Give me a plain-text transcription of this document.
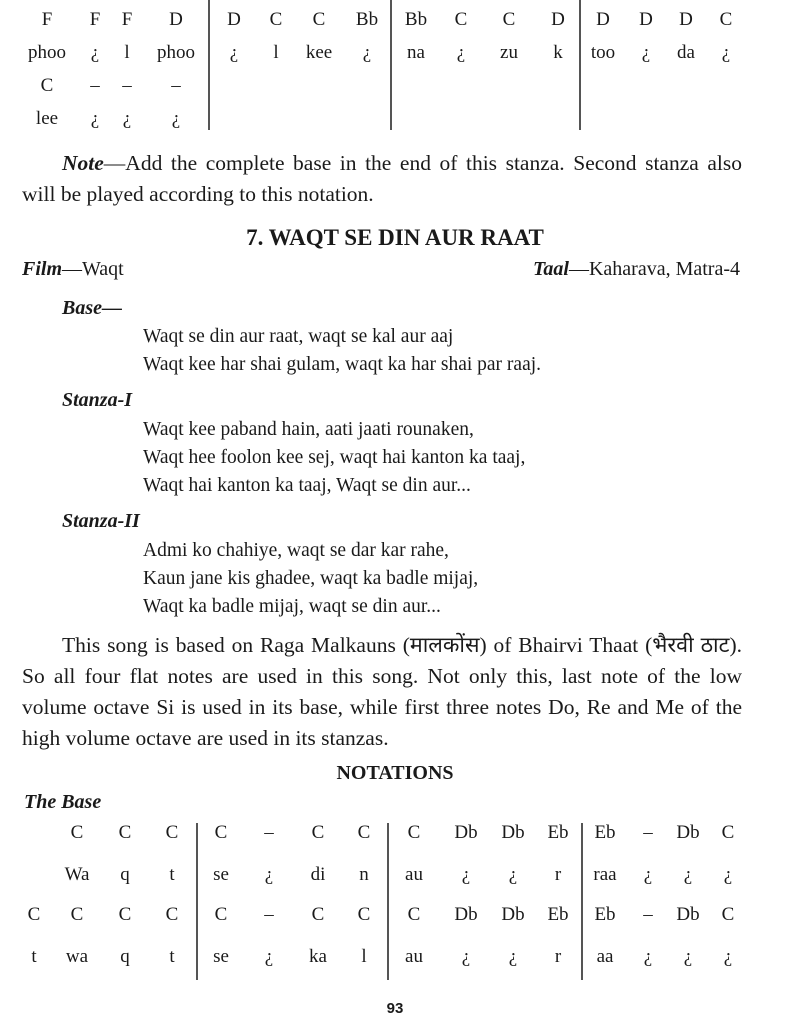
F F F D D C C Bb Bb C C D D D D C
phoo ¿ l phoo ¿ l kee ¿ na ¿ zu k too ¿ da ¿
C – – –
lee ¿ ¿ ¿
Note—Add the complete base in the end of this stanza. Second stanza also will be played according to this notation.
7. WAQT SE DIN AUR RAAT
Film—Waqt	Taal—Kaharava, Matra-4
Base—
Waqt se din aur raat, waqt se kal aur aaj
Waqt kee har shai gulam, waqt ka har shai par raaj.
Stanza-I
Waqt kee paband hain, aati jaati rounaken,
Waqt hee foolon kee sej, waqt hai kanton ka taaj,
Waqt hai kanton ka taaj, Waqt se din aur...
Stanza-II
Admi ko chahiye, waqt se dar kar rahe,
Kaun jane kis ghadee, waqt ka badle mijaj,
Waqt ka badle mijaj, waqt se din aur...
This song is based on Raga Malkauns (मालकोंस) of Bhairvi Thaat (भैरवी ठाट). So all four flat notes are used in this song. Not only this, last note of the low volume octave Si is used in its base, while first three notes Do, Re and Me of the high volume octave are used in its stanzas.
NOTATIONS
The Base
C C C C – C C C Db Db Eb Eb – Db C
Wa q t se ¿ di n au ¿ ¿ r raa ¿ ¿ ¿
C C C C C – C C C Db Db Eb Eb – Db C
t wa q t se ¿ ka l au ¿ ¿ r aa ¿ ¿ ¿
93
